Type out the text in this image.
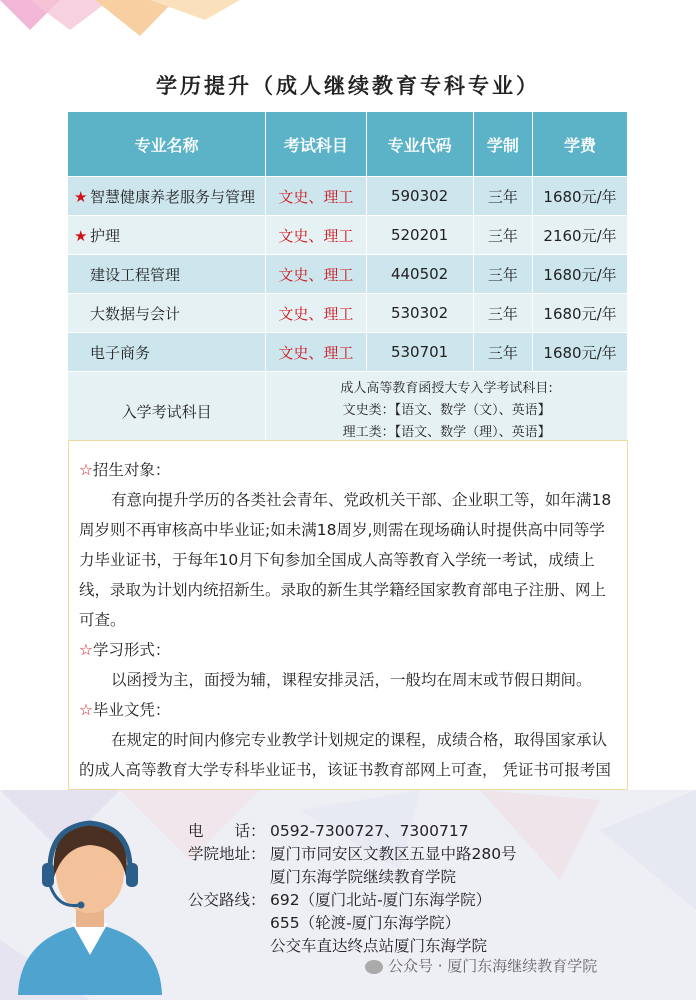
学历提升（成人继续教育专科专业）
专业名称	考试科目	专业代码	学制	学费
★ 智慧健康养老服务与管理	文史、理工	590302	三年	1680元/年
★ 护理	文史、理工	520201	三年	2160元/年
建设工程管理	文史、理工	440502	三年	1680元/年
大数据与会计	文史、理工	530302	三年	1680元/年
电子商务	文史、理工	530701	三年	1680元/年
入学考试科目	成人高等教育函授大专入学考试科目:
文史类：【语文、数学（文）、英语】
理工类：【语文、数学（理）、英语】			
☆招生对象：

有意向提升学历的各类社会青年、党政机关干部、企业职工等，如年满18周岁则不再审核高中毕业证;如未满18周岁,则需在现场确认时提供高中同等学力毕业证书，于每年10月下旬参加全国成人高等教育入学统一考试，成绩上线，录取为计划内统招新生。录取的新生其学籍经国家教育部电子注册、网上可查。

☆学习形式：

以函授为主，面授为辅，课程安排灵活，一般均在周末或节假日期间。

☆毕业文凭：

在规定的时间内修完专业教学计划规定的课程，成绩合格，取得国家承认的成人高等教育大学专科毕业证书，该证书教育部网上可查， 凭证书可报考国

电　　话： 0592-7300727、7300717
学院地址： 厦门市同安区文教区五显中路280号
厦门东海学院继续教育学院
公交路线： 692（厦门北站-厦门东海学院）
655（轮渡-厦门东海学院）
公交车直达终点站厦门东海学院
公众号 · 厦门东海继续教育学院
